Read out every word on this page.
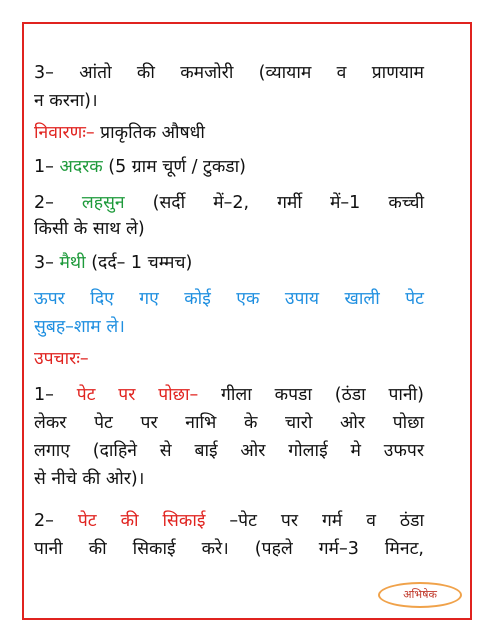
3– आंतो की कमजोरी (व्यायाम व प्राणयाम
न करना)।
निवारणः– प्राकृतिक औषधी
1– अदरक (5 ग्राम चूर्ण / टुकडा)
2– लहसुन (सर्दी में–2, गर्मी में–1 कच्ची
किसी के साथ ले)
3– मैथी (दर्द– 1 चम्मच)
ऊपर दिए गए कोई एक उपाय खाली पेट
सुबह–शाम ले।
उपचारः–
1– पेट पर पोछा– गीला कपडा (ठंडा पानी)
लेकर पेट पर नाभि के चारो ओर पोछा
लगाए (दाहिने से बाई ओर गोलाई मे उफपर
से नीचे की ओर)।
2– पेट की सिकाई –पेट पर गर्म व ठंडा
पानी की सिकाई करे। (पहले गर्म–3 मिनट,
अभिषेक
